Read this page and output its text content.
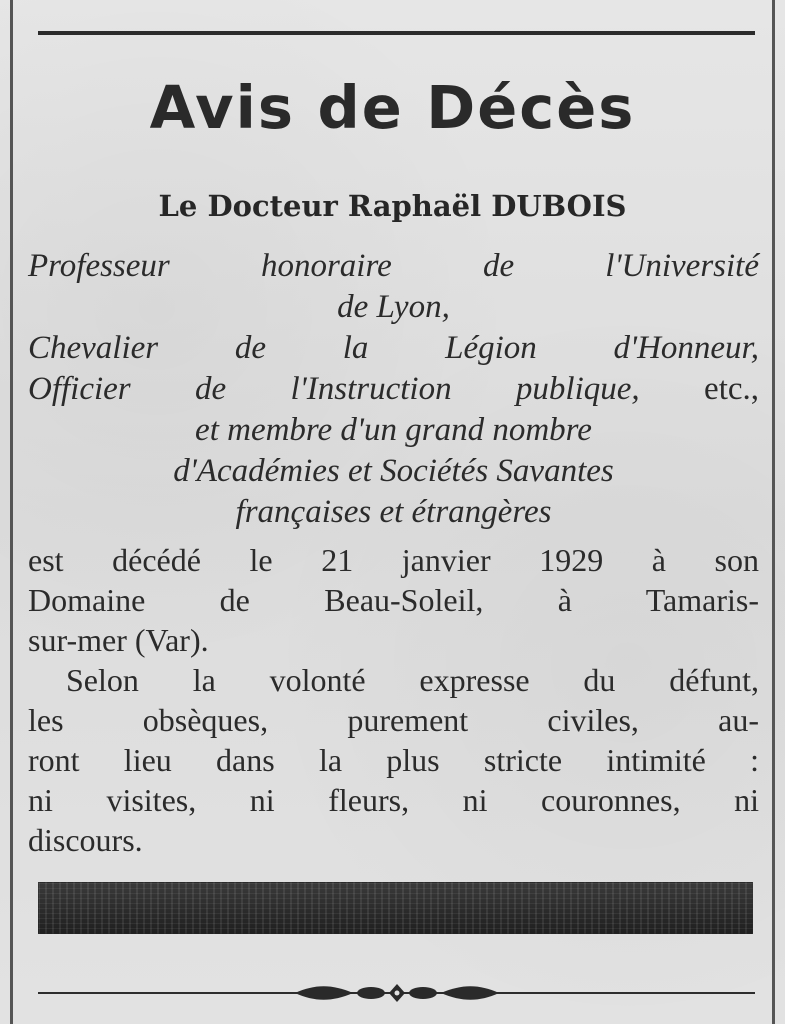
Avis de Décès
Le Docteur Raphaël DUBOIS
Professeur honoraire de l'Université
de Lyon,
Chevalier de la Légion d'Honneur,
Officier de l'Instruction publique, etc.,
et membre d'un grand nombre
d'Académies et Sociétés Savantes
françaises et étrangères
est décédé le 21 janvier 1929 à son
Domaine de Beau-Soleil, à Tamaris-
sur-mer (Var).
Selon la volonté expresse du défunt,
les obsèques, purement civiles, au-
ront lieu dans la plus stricte intimité :
ni visites, ni fleurs, ni couronnes, ni
discours.
